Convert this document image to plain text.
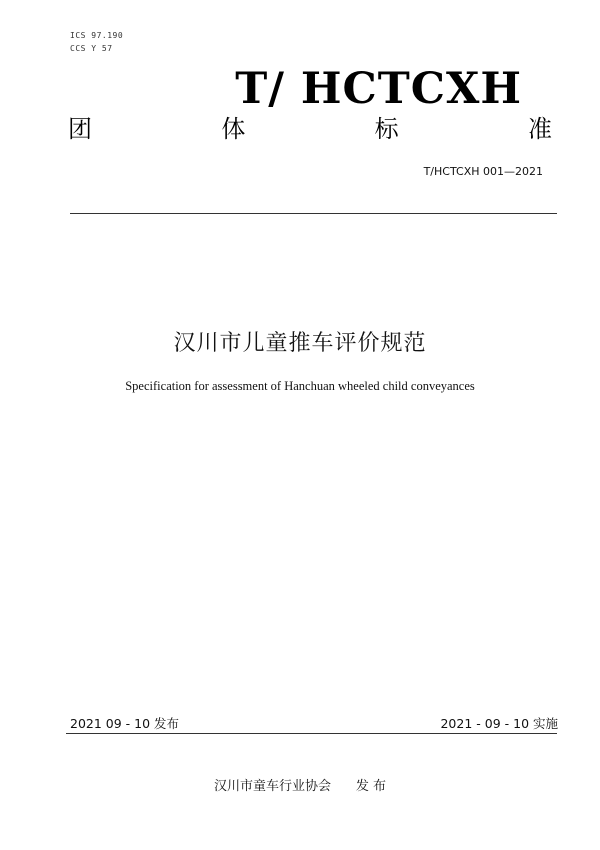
ICS 97.190
CCS Y 57
T/ HCTCXH
团	体	标	准
T/HCTCXH 001—2021
汉川市儿童推车评价规范
Specification for assessment of Hanchuan wheeled child conveyances
2021 09 - 10 发布	2021 - 09 - 10 实施
汉川市童车行业协会 发 布
